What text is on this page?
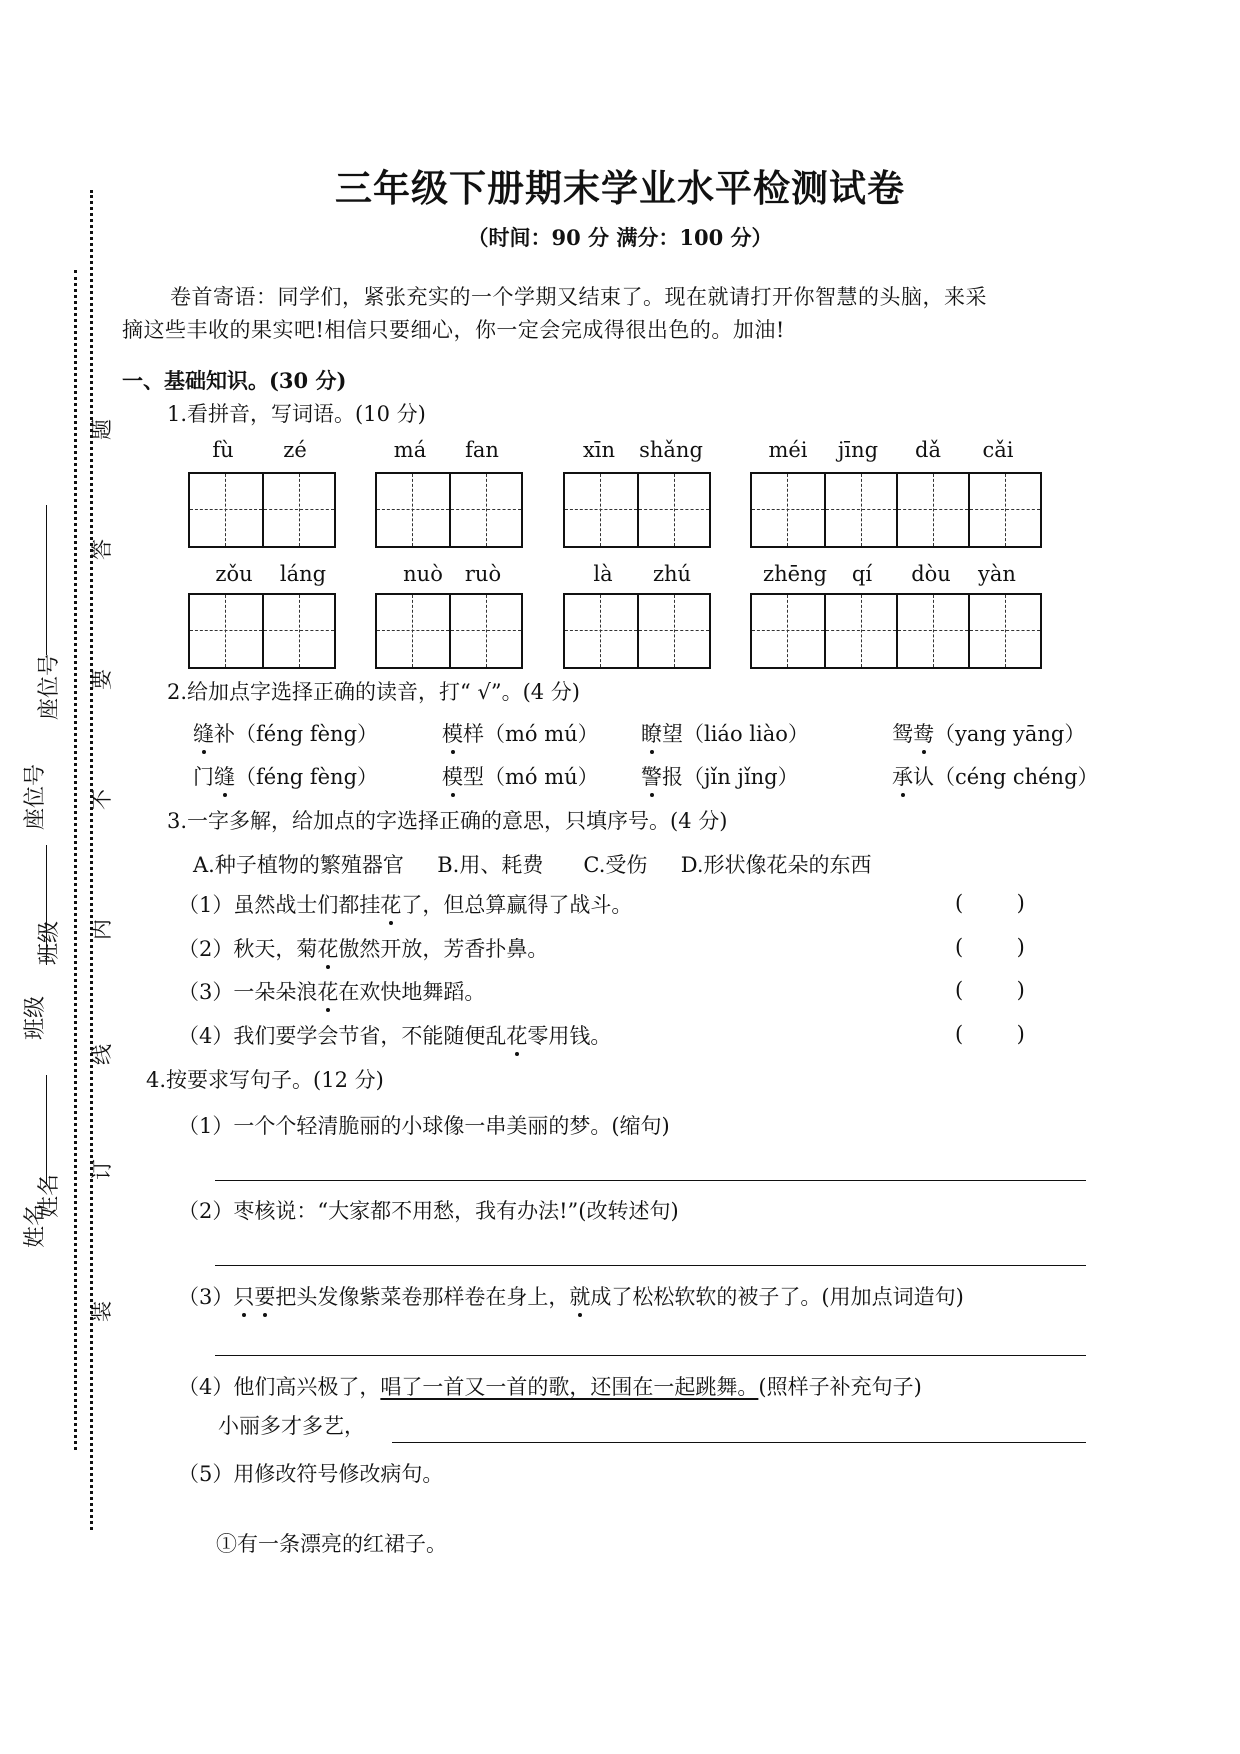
姓名
班级
座位号
姓名
班级
座位号
装
订
线
内
不
要
答
题
三年级下册期末学业水平检测试卷
（时间：90 分 满分：100 分）
卷首寄语：同学们，紧张充实的一个学期又结束了。现在就请打开你智慧的头脑，来采
摘这些丰收的果实吧!相信只要细心，你一定会完成得很出色的。加油!
一、基础知识。(30 分)
1.看拼音，写词语。(10 分)
fù	zé	má	fan	xīn	shǎng	méi	jīng	dǎ	cǎi
zǒu	láng	nuò	ruò	là	zhú	zhēng	qí	dòu	yàn
2.给加点字选择正确的读音，打“ √”。(4 分)
缝补（féng fèng）	模样（mó mú） 瞭望（liáo liào）	鸳鸯（yang yāng）
门缝（féng fèng）	模型（mó mú） 警报（jǐn jǐng）	承认（céng chéng）
3.一字多解，给加点的字选择正确的意思，只填序号。(4 分)
A.种子植物的繁殖器官     B.用、耗费      C.受伤     D.形状像花朵的东西
（1）虽然战士们都挂花了，但总算赢得了战斗。	(        )
（2）秋天，菊花傲然开放，芳香扑鼻。	(        )
（3）一朵朵浪花在欢快地舞蹈。	(        )
（4）我们要学会节省，不能随便乱花零用钱。	(        )
4.按要求写句子。(12 分)
（1）一个个轻清脆丽的小球像一串美丽的梦。(缩句)
（2）枣核说：“大家都不用愁，我有办法!”(改转述句)
（3）只要把头发像紫菜卷那样卷在身上，就成了松松软软的被子了。(用加点词造句)
（4）他们高兴极了，唱了一首又一首的歌，还围在一起跳舞。(照样子补充句子)
小丽多才多艺，
（5）用修改符号修改病句。
①有一条漂亮的红裙子。
